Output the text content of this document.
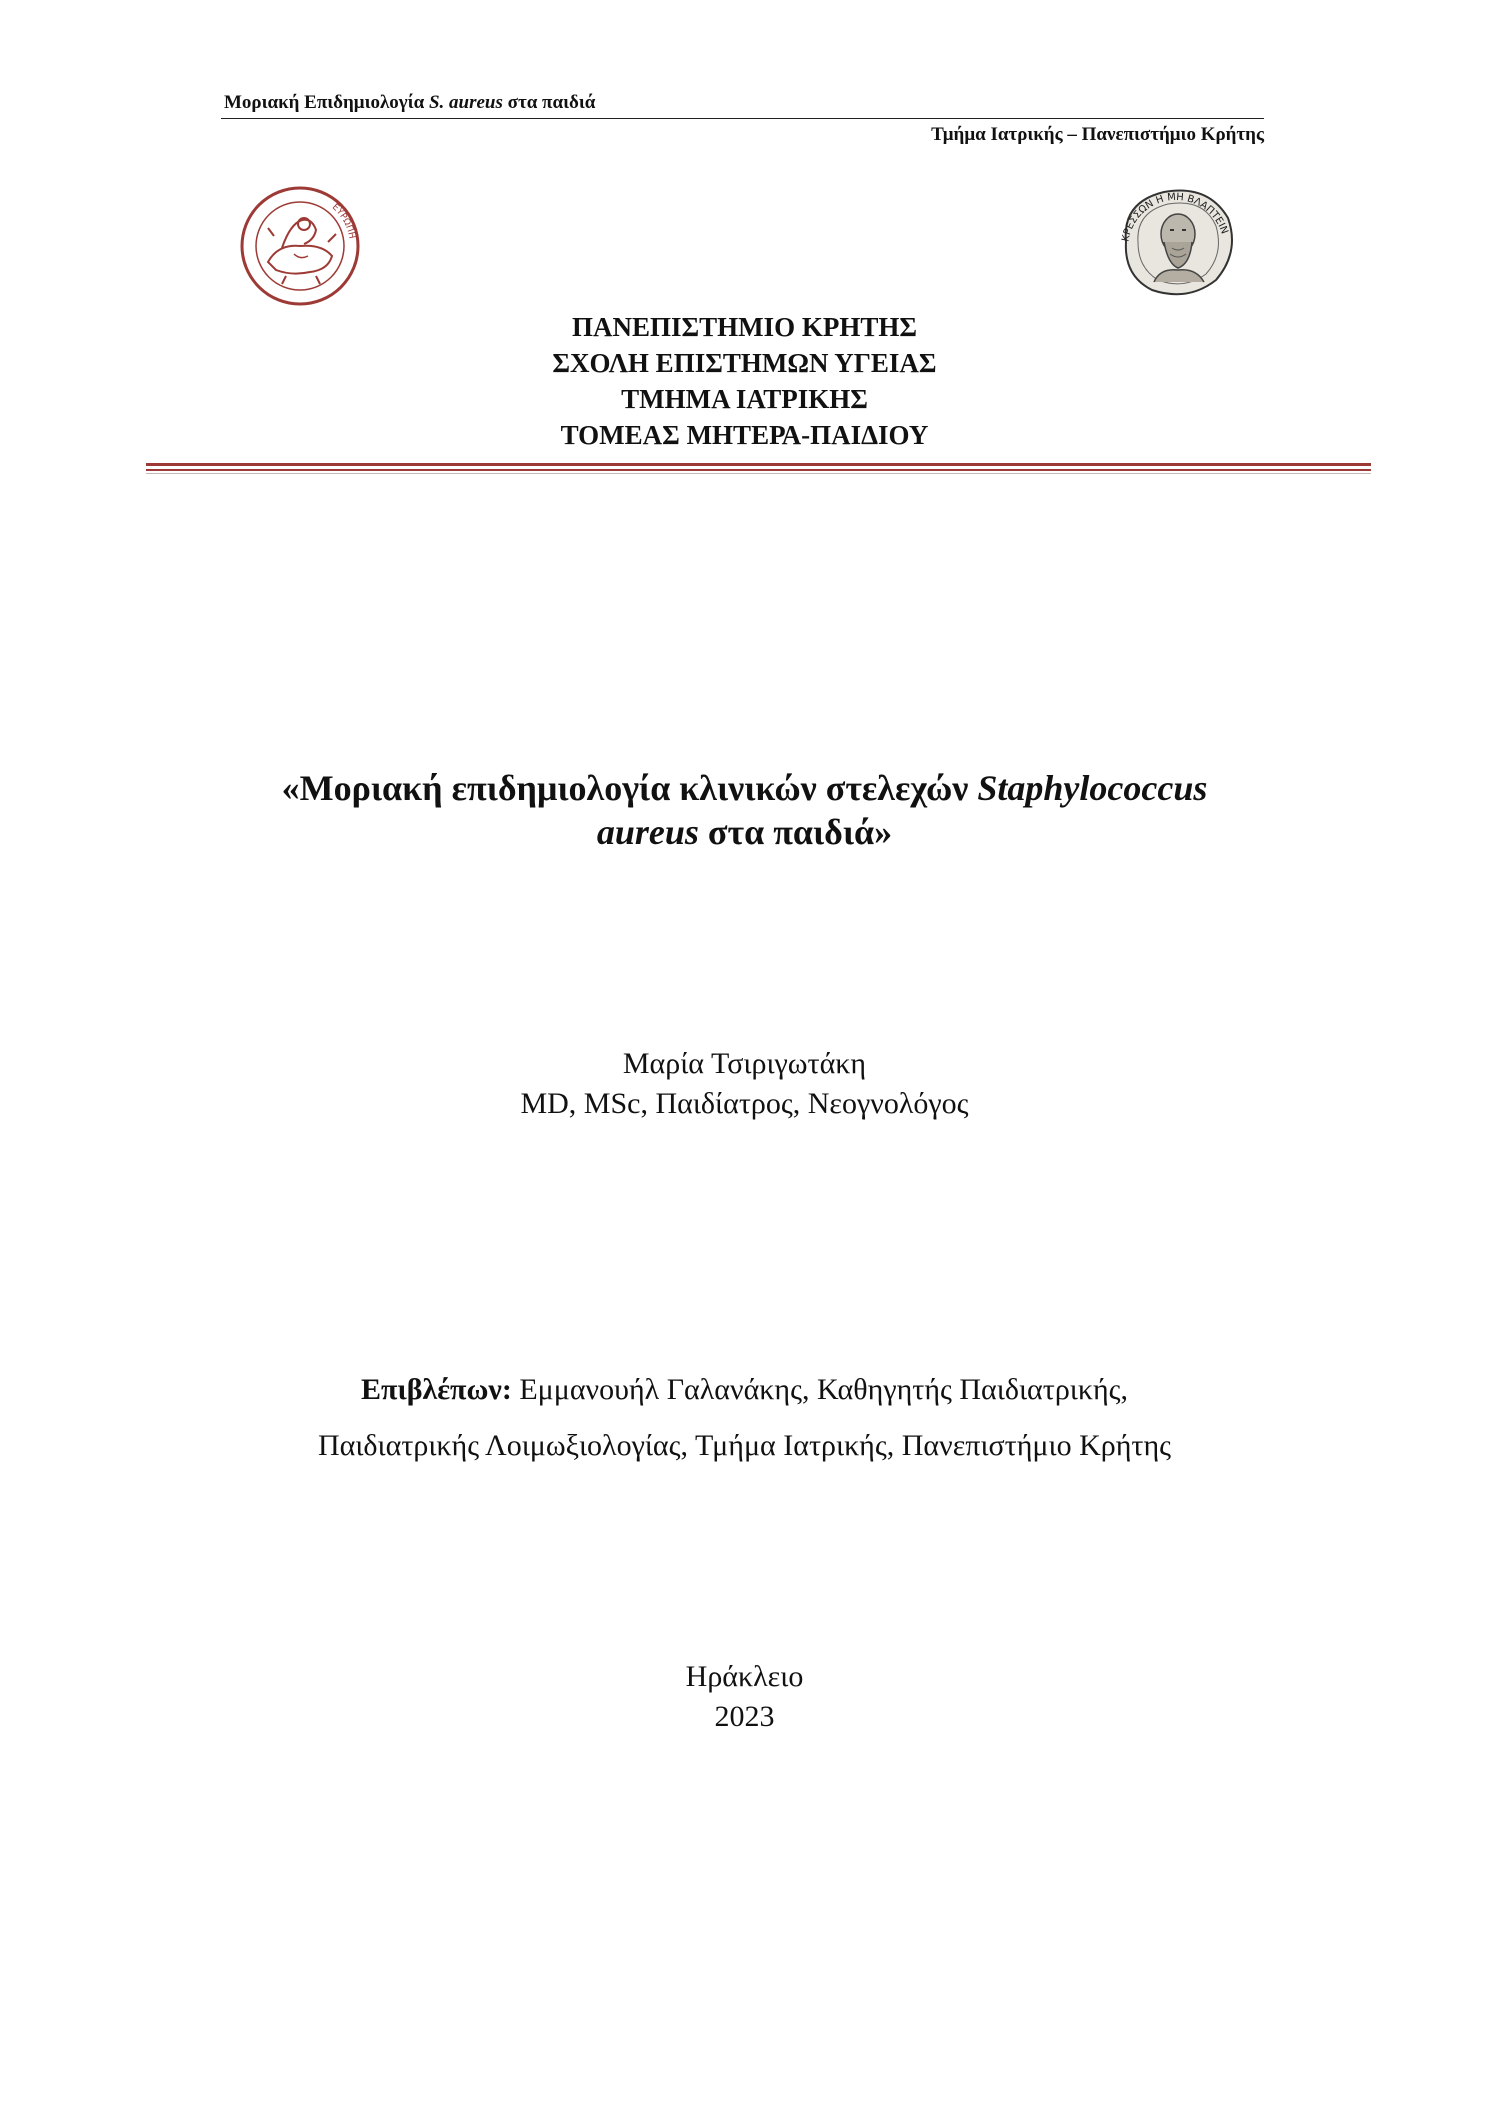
Μοριακή Επιδημιολογία S. aureus στα παιδιά
Τμήμα Ιατρικής – Πανεπιστήμιο Κρήτης
ΕΥΡΩΠΗ	ΚΡΕΣΣΩΝ Η ΜΗ ΒΛΑΠΤΕΙΝ
ΠΑΝΕΠΙΣΤΗΜΙΟ ΚΡΗΤΗΣ
ΣΧΟΛΗ ΕΠΙΣΤΗΜΩΝ ΥΓΕΙΑΣ
ΤΜΗΜΑ ΙΑΤΡΙΚΗΣ
ΤΟΜΕΑΣ ΜΗΤΕΡΑ-ΠΑΙΔΙΟΥ
«Μοριακή επιδημιολογία κλινικών στελεχών Staphylococcus
aureus στα παιδιά»
Μαρία Τσιριγωτάκη
MD, MSc, Παιδίατρος, Νεογνολόγος
Επιβλέπων: Εμμανουήλ Γαλανάκης, Καθηγητής Παιδιατρικής,
Παιδιατρικής Λοιμωξιολογίας, Τμήμα Ιατρικής, Πανεπιστήμιο Κρήτης
Ηράκλειο
2023
